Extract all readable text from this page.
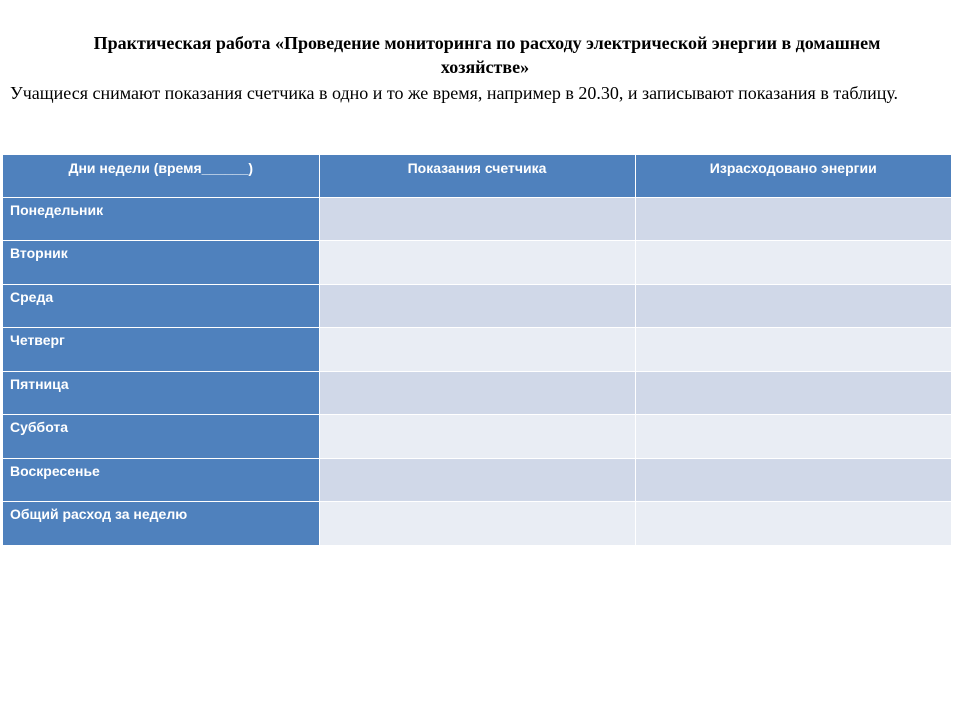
Практическая работа «Проведение мониторинга по расходу электрической энергии в домашнем
хозяйстве»

Учащиеся снимают показания счетчика в одно и то же время, например в 20.30, и записывают показания в таблицу.

Дни недели (время______)	Показания счетчика	Израсходовано энергии
Понедельник		
Вторник		
Среда		
Четверг		
Пятница		
Суббота		
Воскресенье		
Общий расход за неделю		
